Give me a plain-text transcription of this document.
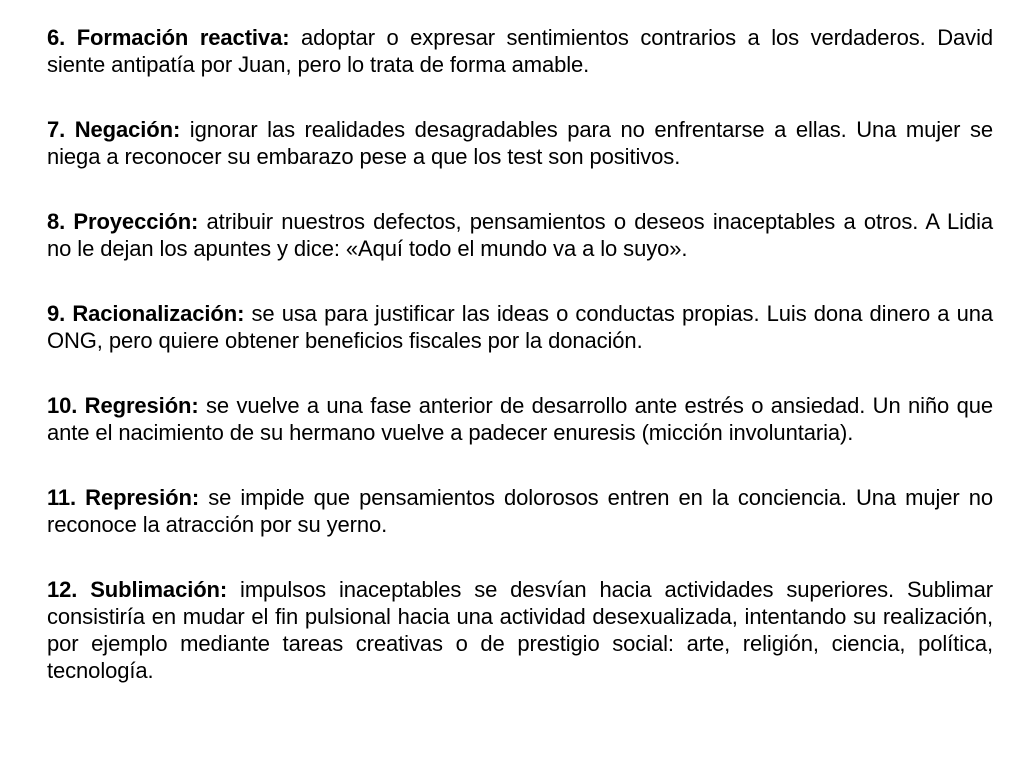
6. Formación reactiva: adoptar o expresar sentimientos contrarios a los verdaderos. David siente antipatía por Juan, pero lo trata de forma amable.

7. Negación: ignorar las realidades desagradables para no enfrentarse a ellas. Una mujer se niega a reconocer su embarazo pese a que los test son positivos.

8. Proyección: atribuir nuestros defectos, pensamientos o deseos inaceptables a otros. A Lidia no le dejan los apuntes y dice: «Aquí todo el mundo va a lo suyo».

9. Racionalización: se usa para justificar las ideas o conductas propias. Luis dona dinero a una ONG, pero quiere obtener beneficios fiscales por la donación.

10. Regresión: se vuelve a una fase anterior de desarrollo ante estrés o ansiedad. Un niño que ante el nacimiento de su hermano vuelve a padecer enuresis (micción involuntaria).

11. Represión: se impide que pensamientos dolorosos entren en la conciencia. Una mujer no reconoce la atracción por su yerno.

12. Sublimación: impulsos inaceptables se desvían hacia actividades superiores. Sublimar consistiría en mudar el fin pulsional hacia una actividad desexualizada, intentando su realización, por ejemplo mediante tareas creativas o de prestigio social: arte, religión, ciencia, política, tecnología.
